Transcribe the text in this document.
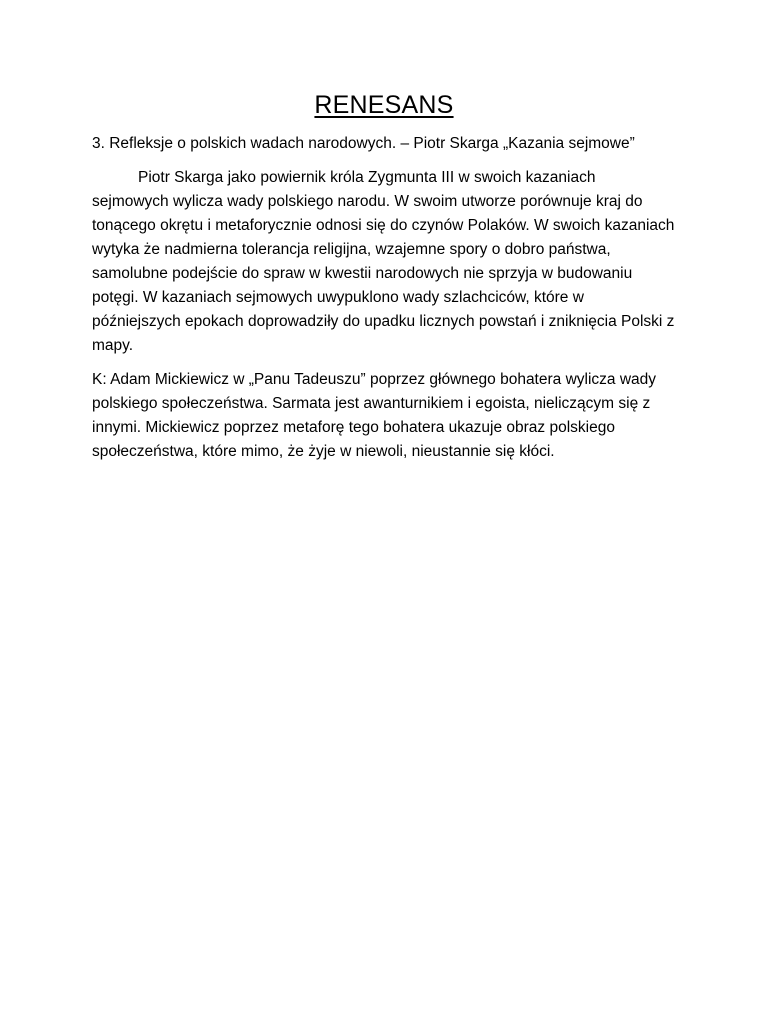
RENESANS

3. Refleksje o polskich wadach narodowych. – Piotr Skarga „Kazania sejmowe”

Piotr Skarga jako powiernik króla Zygmunta III w swoich kazaniach sejmowych wylicza wady polskiego narodu. W swoim utworze porównuje kraj do tonącego okrętu i metaforycznie odnosi się do czynów Polaków. W swoich kazaniach wytyka że nadmierna tolerancja religijna, wzajemne spory o dobro państwa, samolubne podejście do spraw w kwestii narodowych nie sprzyja w budowaniu potęgi. W kazaniach sejmowych uwypuklono wady szlachciców, które w późniejszych epokach doprowadziły do upadku licznych powstań i zniknięcia Polski z mapy.

K: Adam Mickiewicz w „Panu Tadeuszu” poprzez głównego bohatera wylicza wady polskiego społeczeństwa. Sarmata jest awanturnikiem i egoista, nieliczącym się z innymi. Mickiewicz poprzez metaforę tego bohatera ukazuje obraz polskiego społeczeństwa, które mimo, że żyje w niewoli, nieustannie się kłóci.
